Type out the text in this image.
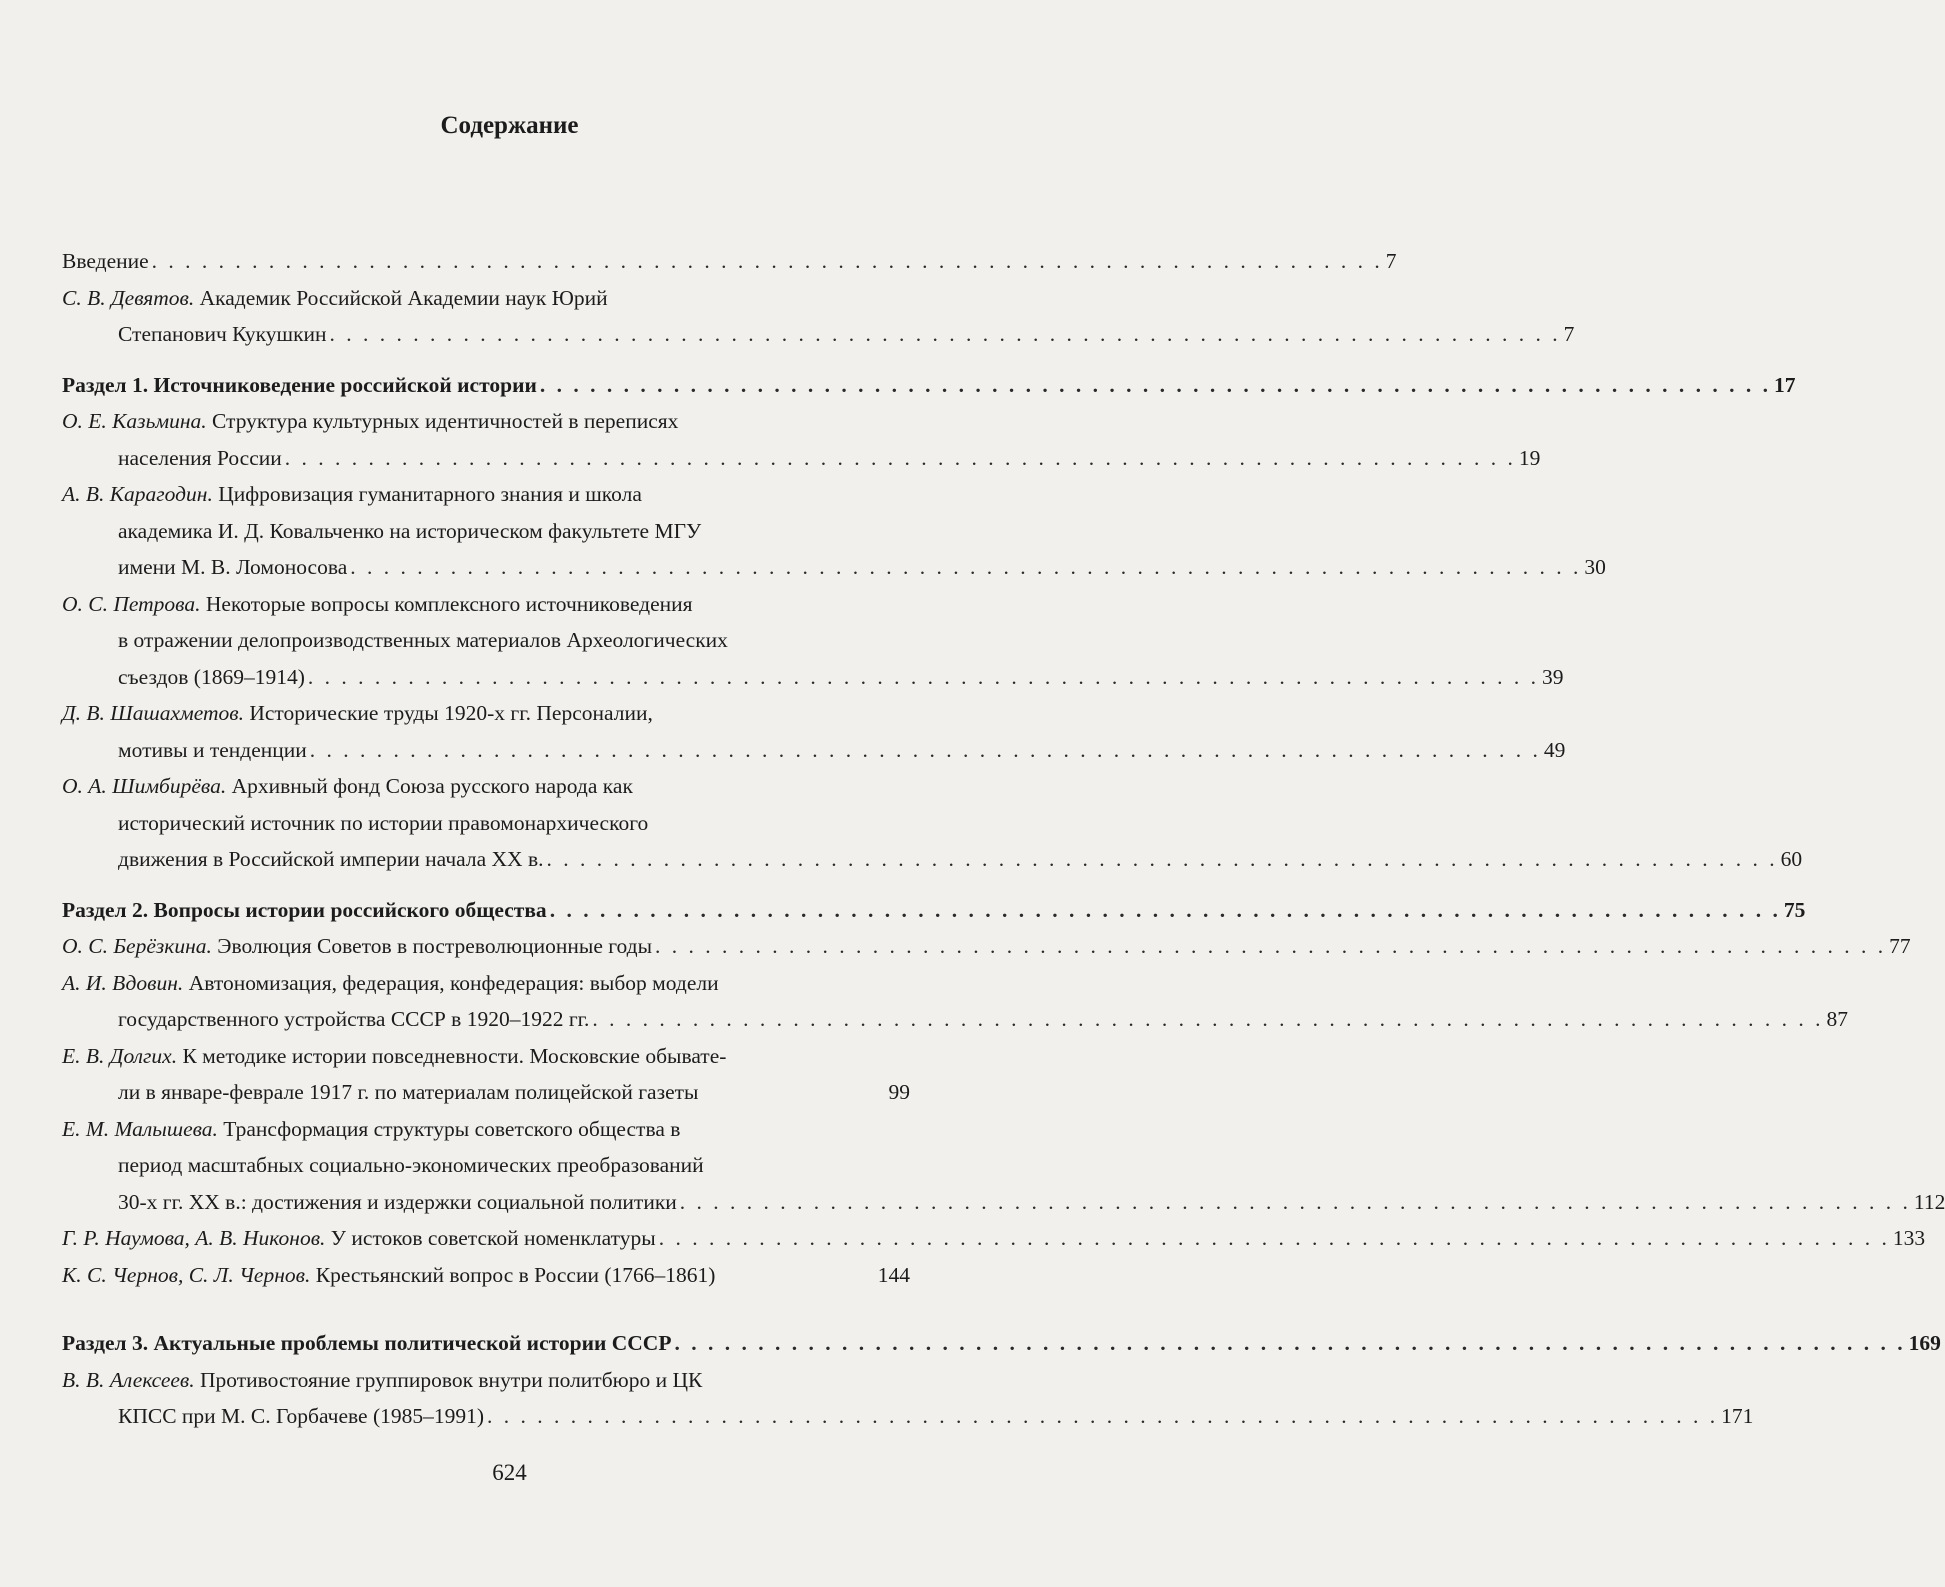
Содержание
Введение . . . . . . . . . . . . . . . . . . . . . . . . . . . . . . . . . . . . . . . . . . . . . . . . . . . . . . . . . . . . . . . . . . . . . . . . . . 7
С. В. Девятов. Академик Российской Академии наук Юрий
Степанович Кукушкин . . . . . . . . . . . . . . . . . . . . . . . . . . . . . . . . . . . . . . . . . . . . . . . . . . . . . . . . . . . . . . . . . . . . . . . . . . 7
Раздел 1. Источниковедение российской истории . . . . . . . . . . . . . . . . . . . . . . . . . . . . . . . . . . . . . . . . . . . . . . . . . . . . . . . . . . . . . . . . . . . . . . . . . . 17
О. Е. Казьмина. Структура культурных идентичностей в переписях
населения России . . . . . . . . . . . . . . . . . . . . . . . . . . . . . . . . . . . . . . . . . . . . . . . . . . . . . . . . . . . . . . . . . . . . . . . . . . 19
А. В. Карагодин. Цифровизация гуманитарного знания и школа
академика И. Д. Ковальченко на историческом факультете МГУ
имени М. В. Ломоносова . . . . . . . . . . . . . . . . . . . . . . . . . . . . . . . . . . . . . . . . . . . . . . . . . . . . . . . . . . . . . . . . . . . . . . . . . . 30
О. С. Петрова. Некоторые вопросы комплексного источниковедения
в отражении делопроизводственных материалов Археологических
съездов (1869–1914) . . . . . . . . . . . . . . . . . . . . . . . . . . . . . . . . . . . . . . . . . . . . . . . . . . . . . . . . . . . . . . . . . . . . . . . . . . 39
Д. В. Шашахметов. Исторические труды 1920-х гг. Персоналии,
мотивы и тенденции . . . . . . . . . . . . . . . . . . . . . . . . . . . . . . . . . . . . . . . . . . . . . . . . . . . . . . . . . . . . . . . . . . . . . . . . . . 49
О. А. Шимбирёва. Архивный фонд Союза русского народа как
исторический источник по истории правомонархического
движения в Российской империи начала XX в. . . . . . . . . . . . . . . . . . . . . . . . . . . . . . . . . . . . . . . . . . . . . . . . . . . . . . . . . . . . . . . . . . . . . . . . . . . 60
Раздел 2. Вопросы истории российского общества . . . . . . . . . . . . . . . . . . . . . . . . . . . . . . . . . . . . . . . . . . . . . . . . . . . . . . . . . . . . . . . . . . . . . . . . . . 75
О. С. Берёзкина. Эволюция Советов в постреволюционные годы . . . . . . . . . . . . . . . . . . . . . . . . . . . . . . . . . . . . . . . . . . . . . . . . . . . . . . . . . . . . . . . . . . . . . . . . . . 77
А. И. Вдовин. Автономизация, федерация, конфедерация: выбор модели
государственного устройства СССР в 1920–1922 гг. . . . . . . . . . . . . . . . . . . . . . . . . . . . . . . . . . . . . . . . . . . . . . . . . . . . . . . . . . . . . . . . . . . . . . . . . . . 87
Е. В. Долгих. К методике истории повседневности. Московские обывате-
ли в январе-феврале 1917 г. по материалам полицейской газеты	99
Е. М. Малышева. Трансформация структуры советского общества в
период масштабных социально-экономических преобразований
30-х гг. XX в.: достижения и издержки социальной политики . . . . . . . . . . . . . . . . . . . . . . . . . . . . . . . . . . . . . . . . . . . . . . . . . . . . . . . . . . . . . . . . . . . . . . . . . . 112
Г. Р. Наумова, А. В. Никонов. У истоков советской номенклатуры . . . . . . . . . . . . . . . . . . . . . . . . . . . . . . . . . . . . . . . . . . . . . . . . . . . . . . . . . . . . . . . . . . . . . . . . . . 133
К. С. Чернов, С. Л. Чернов. Крестьянский вопрос в России (1766–1861)	144
Раздел 3. Актуальные проблемы политической истории СССР . . . . . . . . . . . . . . . . . . . . . . . . . . . . . . . . . . . . . . . . . . . . . . . . . . . . . . . . . . . . . . . . . . . . . . . . . . 169
В. В. Алексеев. Противостояние группировок внутри политбюро и ЦК
КПСС при М. С. Горбачеве (1985–1991) . . . . . . . . . . . . . . . . . . . . . . . . . . . . . . . . . . . . . . . . . . . . . . . . . . . . . . . . . . . . . . . . . . . . . . . . . . 171
624
